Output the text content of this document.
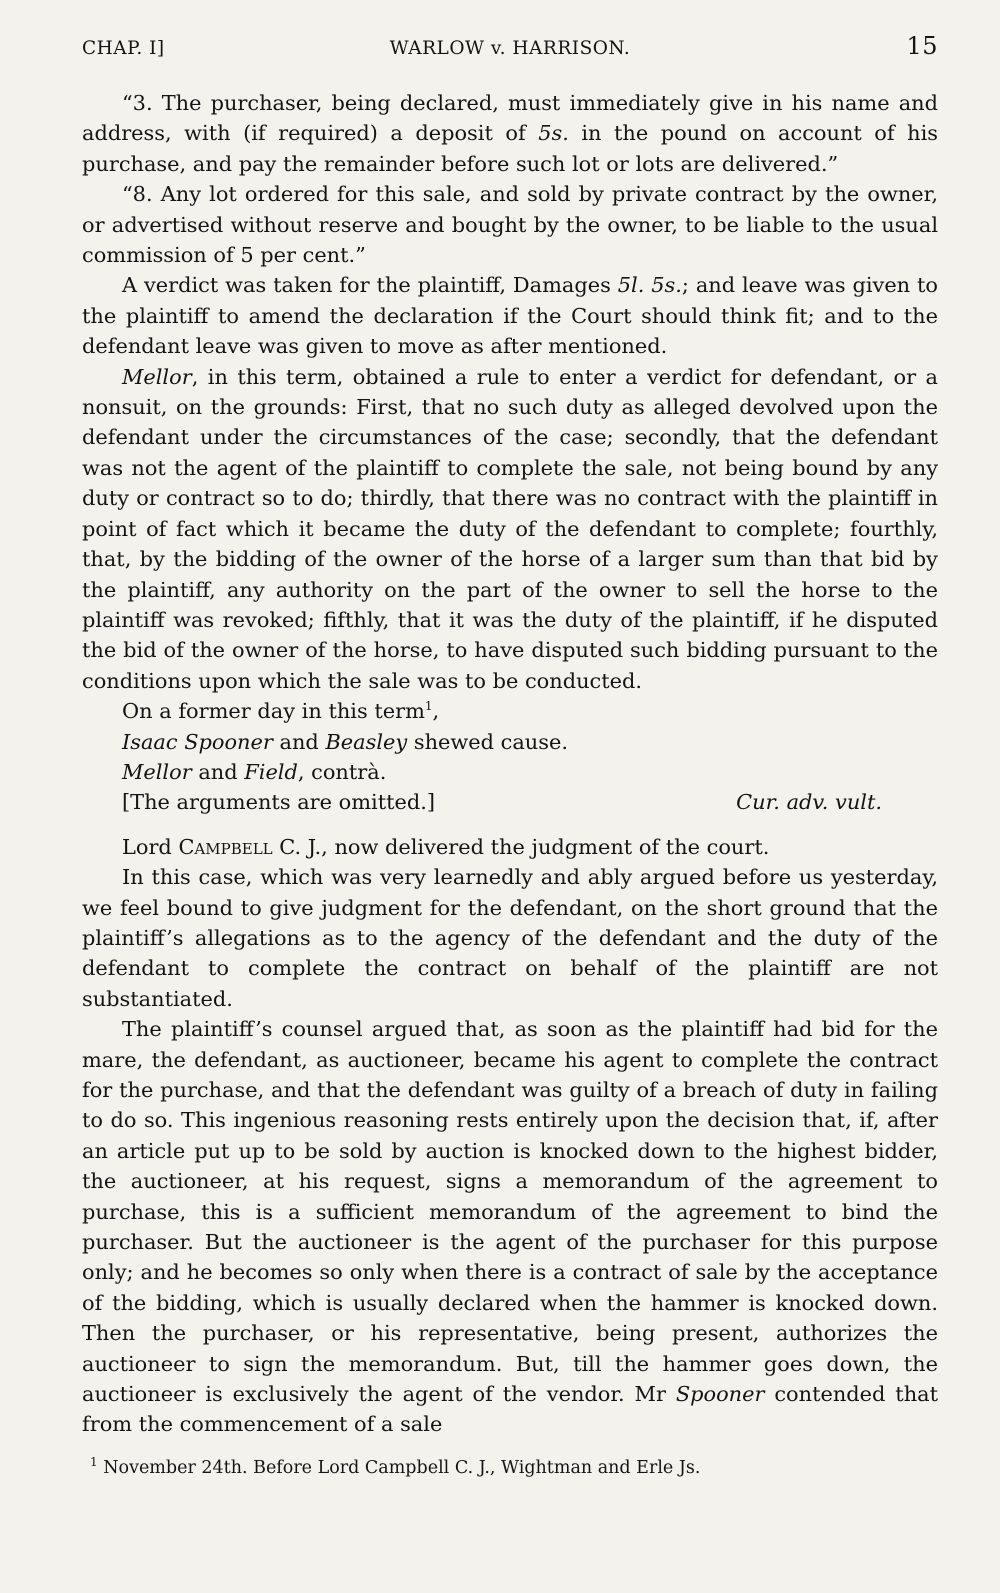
CHAP. I]	WARLOW v. HARRISON.	15

“3. The purchaser, being declared, must immediately give in his name and address, with (if required) a deposit of 5s. in the pound on account of his purchase, and pay the remainder before such lot or lots are delivered.”

“8. Any lot ordered for this sale, and sold by private contract by the owner, or advertised without reserve and bought by the owner, to be liable to the usual commission of 5 per cent.”

A verdict was taken for the plaintiff, Damages 5l. 5s.; and leave was given to the plaintiff to amend the declaration if the Court should think fit; and to the defendant leave was given to move as after mentioned.

Mellor, in this term, obtained a rule to enter a verdict for defendant, or a nonsuit, on the grounds: First, that no such duty as alleged devolved upon the defendant under the circumstances of the case; secondly, that the defendant was not the agent of the plaintiff to complete the sale, not being bound by any duty or contract so to do; thirdly, that there was no contract with the plaintiff in point of fact which it became the duty of the defendant to complete; fourthly, that, by the bidding of the owner of the horse of a larger sum than that bid by the plaintiff, any authority on the part of the owner to sell the horse to the plaintiff was revoked; fifthly, that it was the duty of the plaintiff, if he disputed the bid of the owner of the horse, to have disputed such bidding pursuant to the conditions upon which the sale was to be conducted.

On a former day in this term$^1$,

Isaac Spooner and Beasley shewed cause.

Mellor and Field, contrà.

[The arguments are omitted.]	Cur. adv. vult.

Lord Campbell C. J., now delivered the judgment of the court.

In this case, which was very learnedly and ably argued before us yesterday, we feel bound to give judgment for the defendant, on the short ground that the plaintiff’s allegations as to the agency of the defendant and the duty of the defendant to complete the contract on behalf of the plaintiff are not substantiated.

The plaintiff’s counsel argued that, as soon as the plaintiff had bid for the mare, the defendant, as auctioneer, became his agent to complete the contract for the purchase, and that the defendant was guilty of a breach of duty in failing to do so. This ingenious reasoning rests entirely upon the decision that, if, after an article put up to be sold by auction is knocked down to the highest bidder, the auctioneer, at his request, signs a memorandum of the agreement to purchase, this is a sufficient memorandum of the agreement to bind the purchaser. But the auctioneer is the agent of the purchaser for this purpose only; and he becomes so only when there is a contract of sale by the acceptance of the bidding, which is usually declared when the hammer is knocked down. Then the purchaser, or his representative, being present, authorizes the auctioneer to sign the memorandum. But, till the hammer goes down, the auctioneer is exclusively the agent of the vendor. Mr Spooner contended that from the commencement of a sale

$^1$ November 24th. Before Lord Campbell C. J., Wightman and Erle Js.
